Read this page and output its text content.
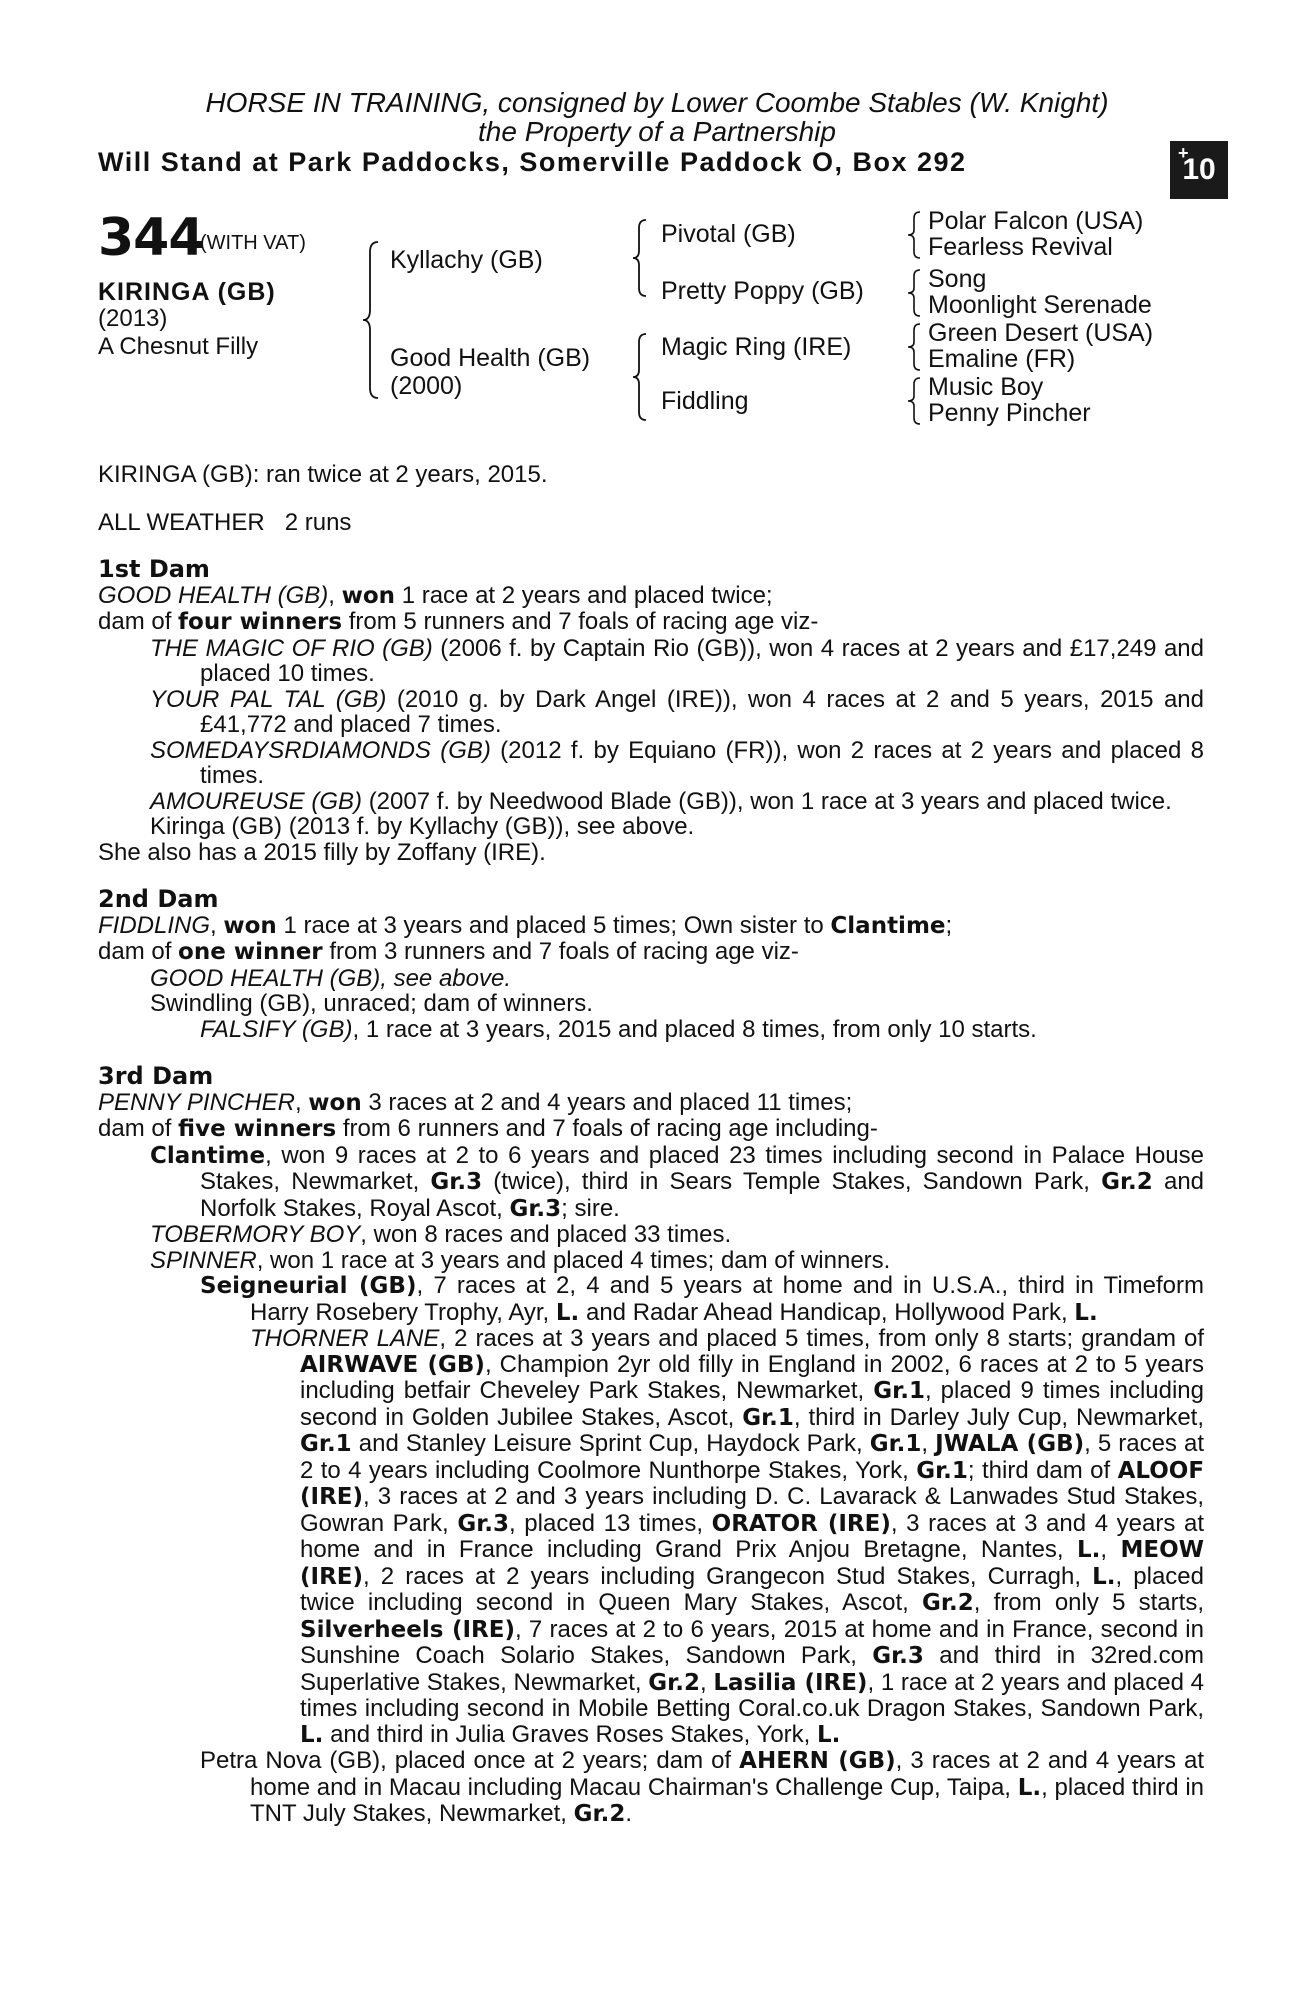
HORSE IN TRAINING, consigned by Lower Coombe Stables (W. Knight)
the Property of a Partnership
Will Stand at Park Paddocks, Somerville Paddock O, Box 292	+
10
344
(WITH VAT)
KIRINGA (GB)
(2013)
A Chesnut Filly
Kyllachy (GB)
Good Health (GB)
(2000)
Pivotal (GB)
Pretty Poppy (GB)
Magic Ring (IRE)
Fiddling
Polar Falcon (USA)
Fearless Revival
Song
Moonlight Serenade
Green Desert (USA)
Emaline (FR)
Music Boy
Penny Pincher
KIRINGA (GB): ran twice at 2 years, 2015.
ALL WEATHER 2 runs
1st Dam
GOOD HEALTH (GB), won 1 race at 2 years and placed twice;
dam of four winners from 5 runners and 7 foals of racing age viz-
THE MAGIC OF RIO (GB) (2006 f. by Captain Rio (GB)), won 4 races at 2 years and £17,249 and placed 10 times.
YOUR PAL TAL (GB) (2010 g. by Dark Angel (IRE)), won 4 races at 2 and 5 years, 2015 and £41,772 and placed 7 times.
SOMEDAYSRDIAMONDS (GB) (2012 f. by Equiano (FR)), won 2 races at 2 years and placed 8 times.
AMOUREUSE (GB) (2007 f. by Needwood Blade (GB)), won 1 race at 3 years and placed twice.
Kiringa (GB) (2013 f. by Kyllachy (GB)), see above.
She also has a 2015 filly by Zoffany (IRE).
2nd Dam
FIDDLING, won 1 race at 3 years and placed 5 times; Own sister to Clantime;
dam of one winner from 3 runners and 7 foals of racing age viz-
GOOD HEALTH (GB), see above.
Swindling (GB), unraced; dam of winners.
FALSIFY (GB), 1 race at 3 years, 2015 and placed 8 times, from only 10 starts.
3rd Dam
PENNY PINCHER, won 3 races at 2 and 4 years and placed 11 times;
dam of five winners from 6 runners and 7 foals of racing age including-
Clantime, won 9 races at 2 to 6 years and placed 23 times including second in Palace House Stakes, Newmarket, Gr.3 (twice), third in Sears Temple Stakes, Sandown Park, Gr.2 and Norfolk Stakes, Royal Ascot, Gr.3; sire.
TOBERMORY BOY, won 8 races and placed 33 times.
SPINNER, won 1 race at 3 years and placed 4 times; dam of winners.
Seigneurial (GB), 7 races at 2, 4 and 5 years at home and in U.S.A., third in Timeform Harry Rosebery Trophy, Ayr, L. and Radar Ahead Handicap, Hollywood Park, L.
THORNER LANE, 2 races at 3 years and placed 5 times, from only 8 starts; grandam of AIRWAVE (GB), Champion 2yr old filly in England in 2002, 6 races at 2 to 5 years including betfair Cheveley Park Stakes, Newmarket, Gr.1, placed 9 times including second in Golden Jubilee Stakes, Ascot, Gr.1, third in Darley July Cup, Newmarket, Gr.1 and Stanley Leisure Sprint Cup, Haydock Park, Gr.1, JWALA (GB), 5 races at 2 to 4 years including Coolmore Nunthorpe Stakes, York, Gr.1; third dam of ALOOF (IRE), 3 races at 2 and 3 years including D. C. Lavarack & Lanwades Stud Stakes, Gowran Park, Gr.3, placed 13 times, ORATOR (IRE), 3 races at 3 and 4 years at home and in France including Grand Prix Anjou Bretagne, Nantes, L., MEOW (IRE), 2 races at 2 years including Grangecon Stud Stakes, Curragh, L., placed twice including second in Queen Mary Stakes, Ascot, Gr.2, from only 5 starts, Silverheels (IRE), 7 races at 2 to 6 years, 2015 at home and in France, second in Sunshine Coach Solario Stakes, Sandown Park, Gr.3 and third in 32red.com Superlative Stakes, Newmarket, Gr.2, Lasilia (IRE), 1 race at 2 years and placed 4 times including second in Mobile Betting Coral.co.uk Dragon Stakes, Sandown Park, L. and third in Julia Graves Roses Stakes, York, L.
Petra Nova (GB), placed once at 2 years; dam of AHERN (GB), 3 races at 2 and 4 years at home and in Macau including Macau Chairman's Challenge Cup, Taipa, L., placed third in TNT July Stakes, Newmarket, Gr.2.
